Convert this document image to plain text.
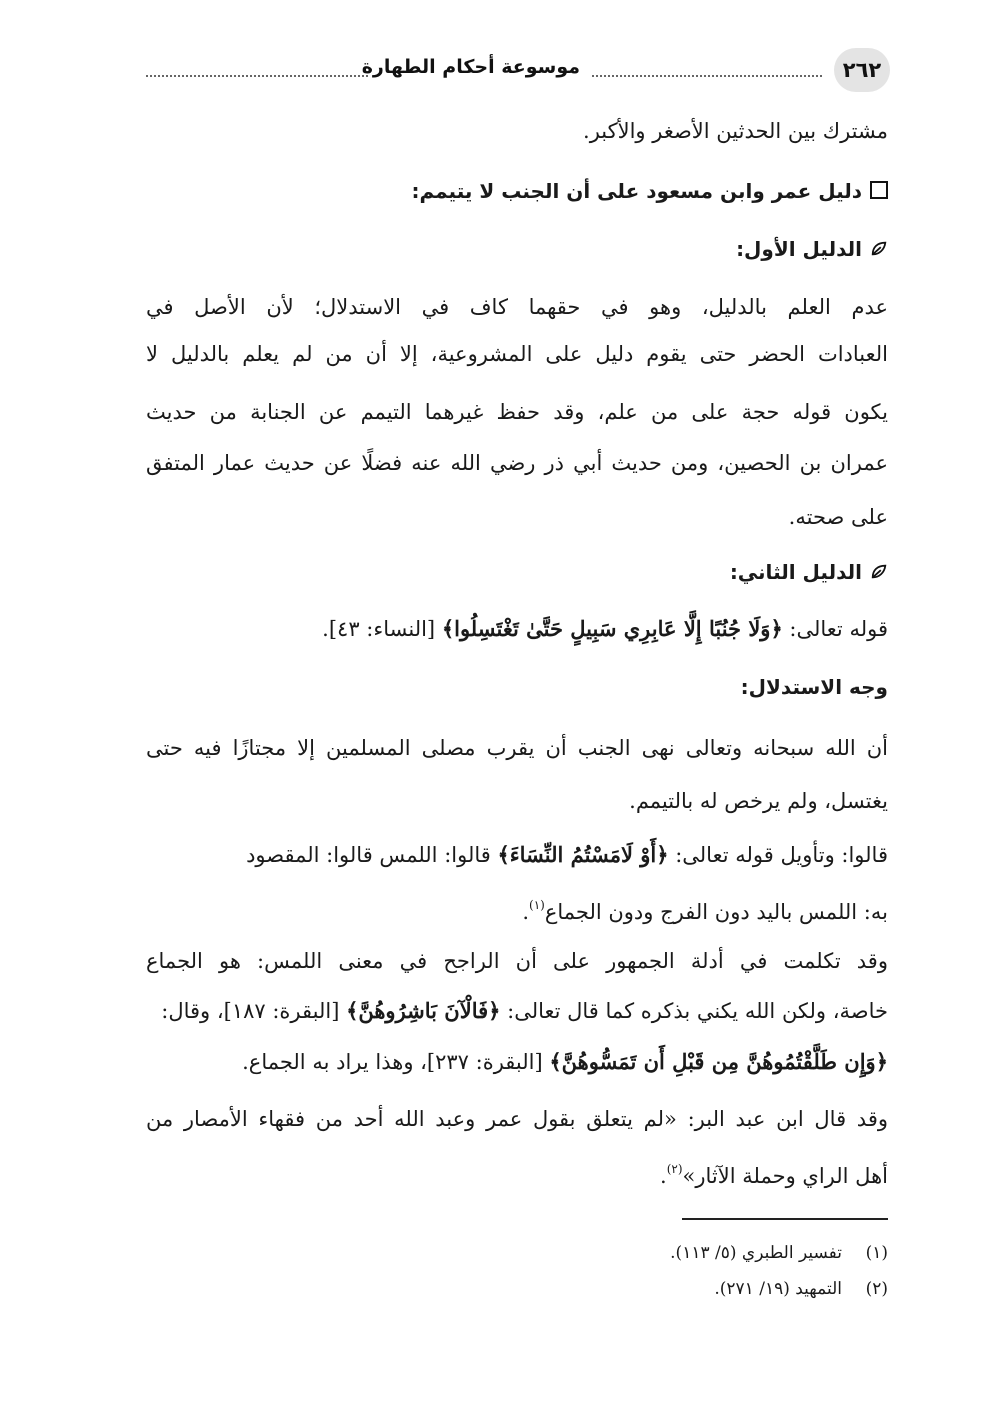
٢٦٢
موسوعة أحكام الطهارة
مشترك بين الحدثين الأصغر والأكبر.
دليل عمر وابن مسعود على أن الجنب لا يتيمم:
الدليل الأول:
عدم العلم بالدليل، وهو في حقهما كاف في الاستدلال؛ لأن الأصل في
العبادات الحضر حتى يقوم دليل على المشروعية، إلا أن من لم يعلم بالدليل لا
يكون قوله حجة على من علم، وقد حفظ غيرهما التيمم عن الجنابة من حديث
عمران بن الحصين، ومن حديث أبي ذر رضي الله عنه فضلًا عن حديث عمار المتفق
على صحته.
الدليل الثاني:
قوله تعالى: ﴿وَلَا جُنُبًا إِلَّا عَابِرِي سَبِيلٍ حَتَّىٰ تَغْتَسِلُوا﴾ [النساء: ٤٣].
وجه الاستدلال:
أن الله سبحانه وتعالى نهى الجنب أن يقرب مصلى المسلمين إلا مجتازًا فيه حتى
يغتسل، ولم يرخص له بالتيمم.
قالوا: وتأويل قوله تعالى: ﴿أَوْ لَامَسْتُمُ النِّسَاءَ﴾ قالوا: اللمس قالوا: المقصود
به: اللمس باليد دون الفرج ودون الجماع$^{(١)}$.
وقد تكلمت في أدلة الجمهور على أن الراجح في معنى اللمس: هو الجماع
خاصة، ولكن الله يكني بذكره كما قال تعالى: ﴿فَالْآنَ بَاشِرُوهُنَّ﴾ [البقرة: ١٨٧]، وقال:
﴿وَإِن طَلَّقْتُمُوهُنَّ مِن قَبْلِ أَن تَمَسُّوهُنَّ﴾ [البقرة: ٢٣٧]، وهذا يراد به الجماع.
وقد قال ابن عبد البر: «لم يتعلق بقول عمر وعبد الله أحد من فقهاء الأمصار من
أهل الراي وحملة الآثار»$^{(٢)}$.
(١)تفسير الطبري (٥/ ١١٣).
(٢)التمهيد (١٩/ ٢٧١).
